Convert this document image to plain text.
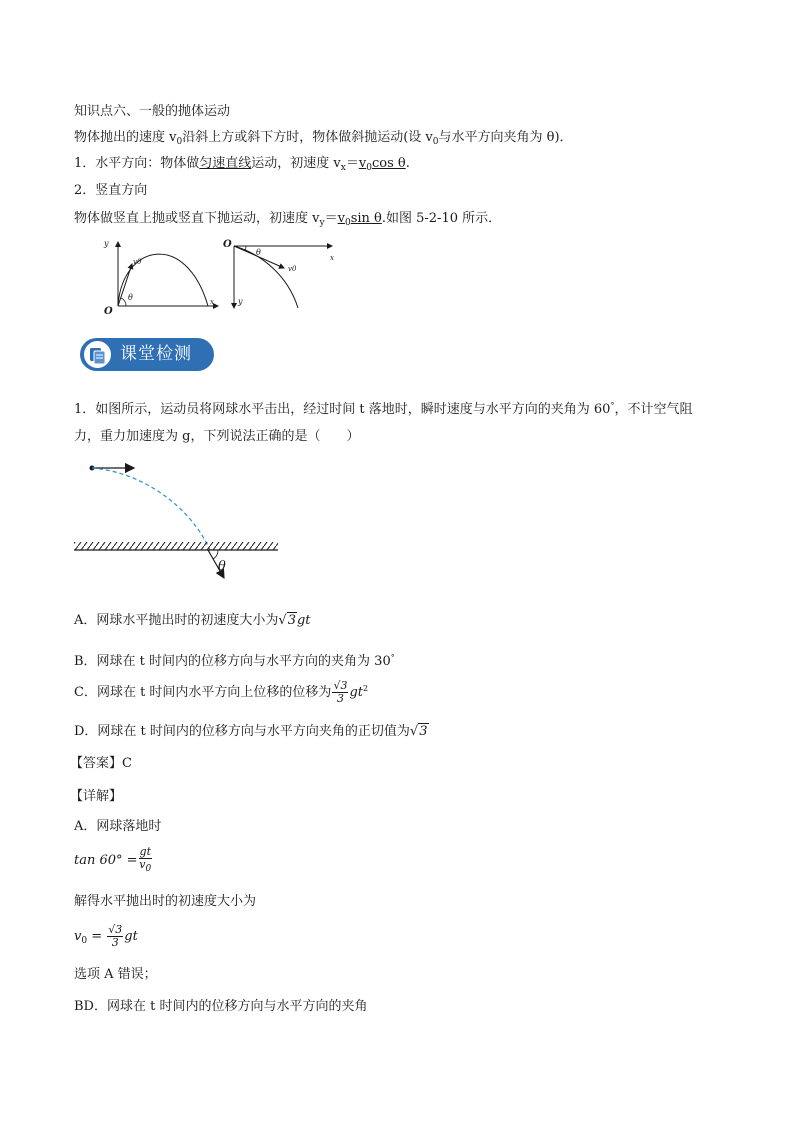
知识点六、一般的抛体运动
物体抛出的速度 $v_0$沿斜上方或斜下方时，物体做斜抛运动(设 $v_0$与水平方向夹角为 θ)．
1．水平方向：物体做匀速直线运动，初速度 $v_x=v_0\cos$ θ.
2．竖直方向
物体做竖直上抛或竖直下抛运动，初速度 $v_y=v_0\sin$ θ.如图 5-2-10 所示．
y
v0
θ
O
x
O
θ
v0
x
y
课堂检测
1．如图所示，运动员将网球水平击出，经过时间 t 落地时，瞬时速度与水平方向的夹角为 60°，不计空气阻
力，重力加速度为 g，下列说法正确的是（　　）
θ
A．网球水平抛出时的初速度大小为√3gt
B．网球在 t 时间内的位移方向与水平方向的夹角为 30°
C．网球在 t 时间内水平方向上位移的位移为 $\frac{√3}{3} gt^2$
D．网球在 t 时间内的位移方向与水平方向夹角的正切值为√3
【答案】C
【详解】
A．网球落地时
$\tan 60^\circ = \frac{gt}{v_0}$
解得水平抛出时的初速度大小为
$v_0 = \frac{√3}{3}$ gt
选项 A 错误；
BD．网球在 t 时间内的位移方向与水平方向的夹角
